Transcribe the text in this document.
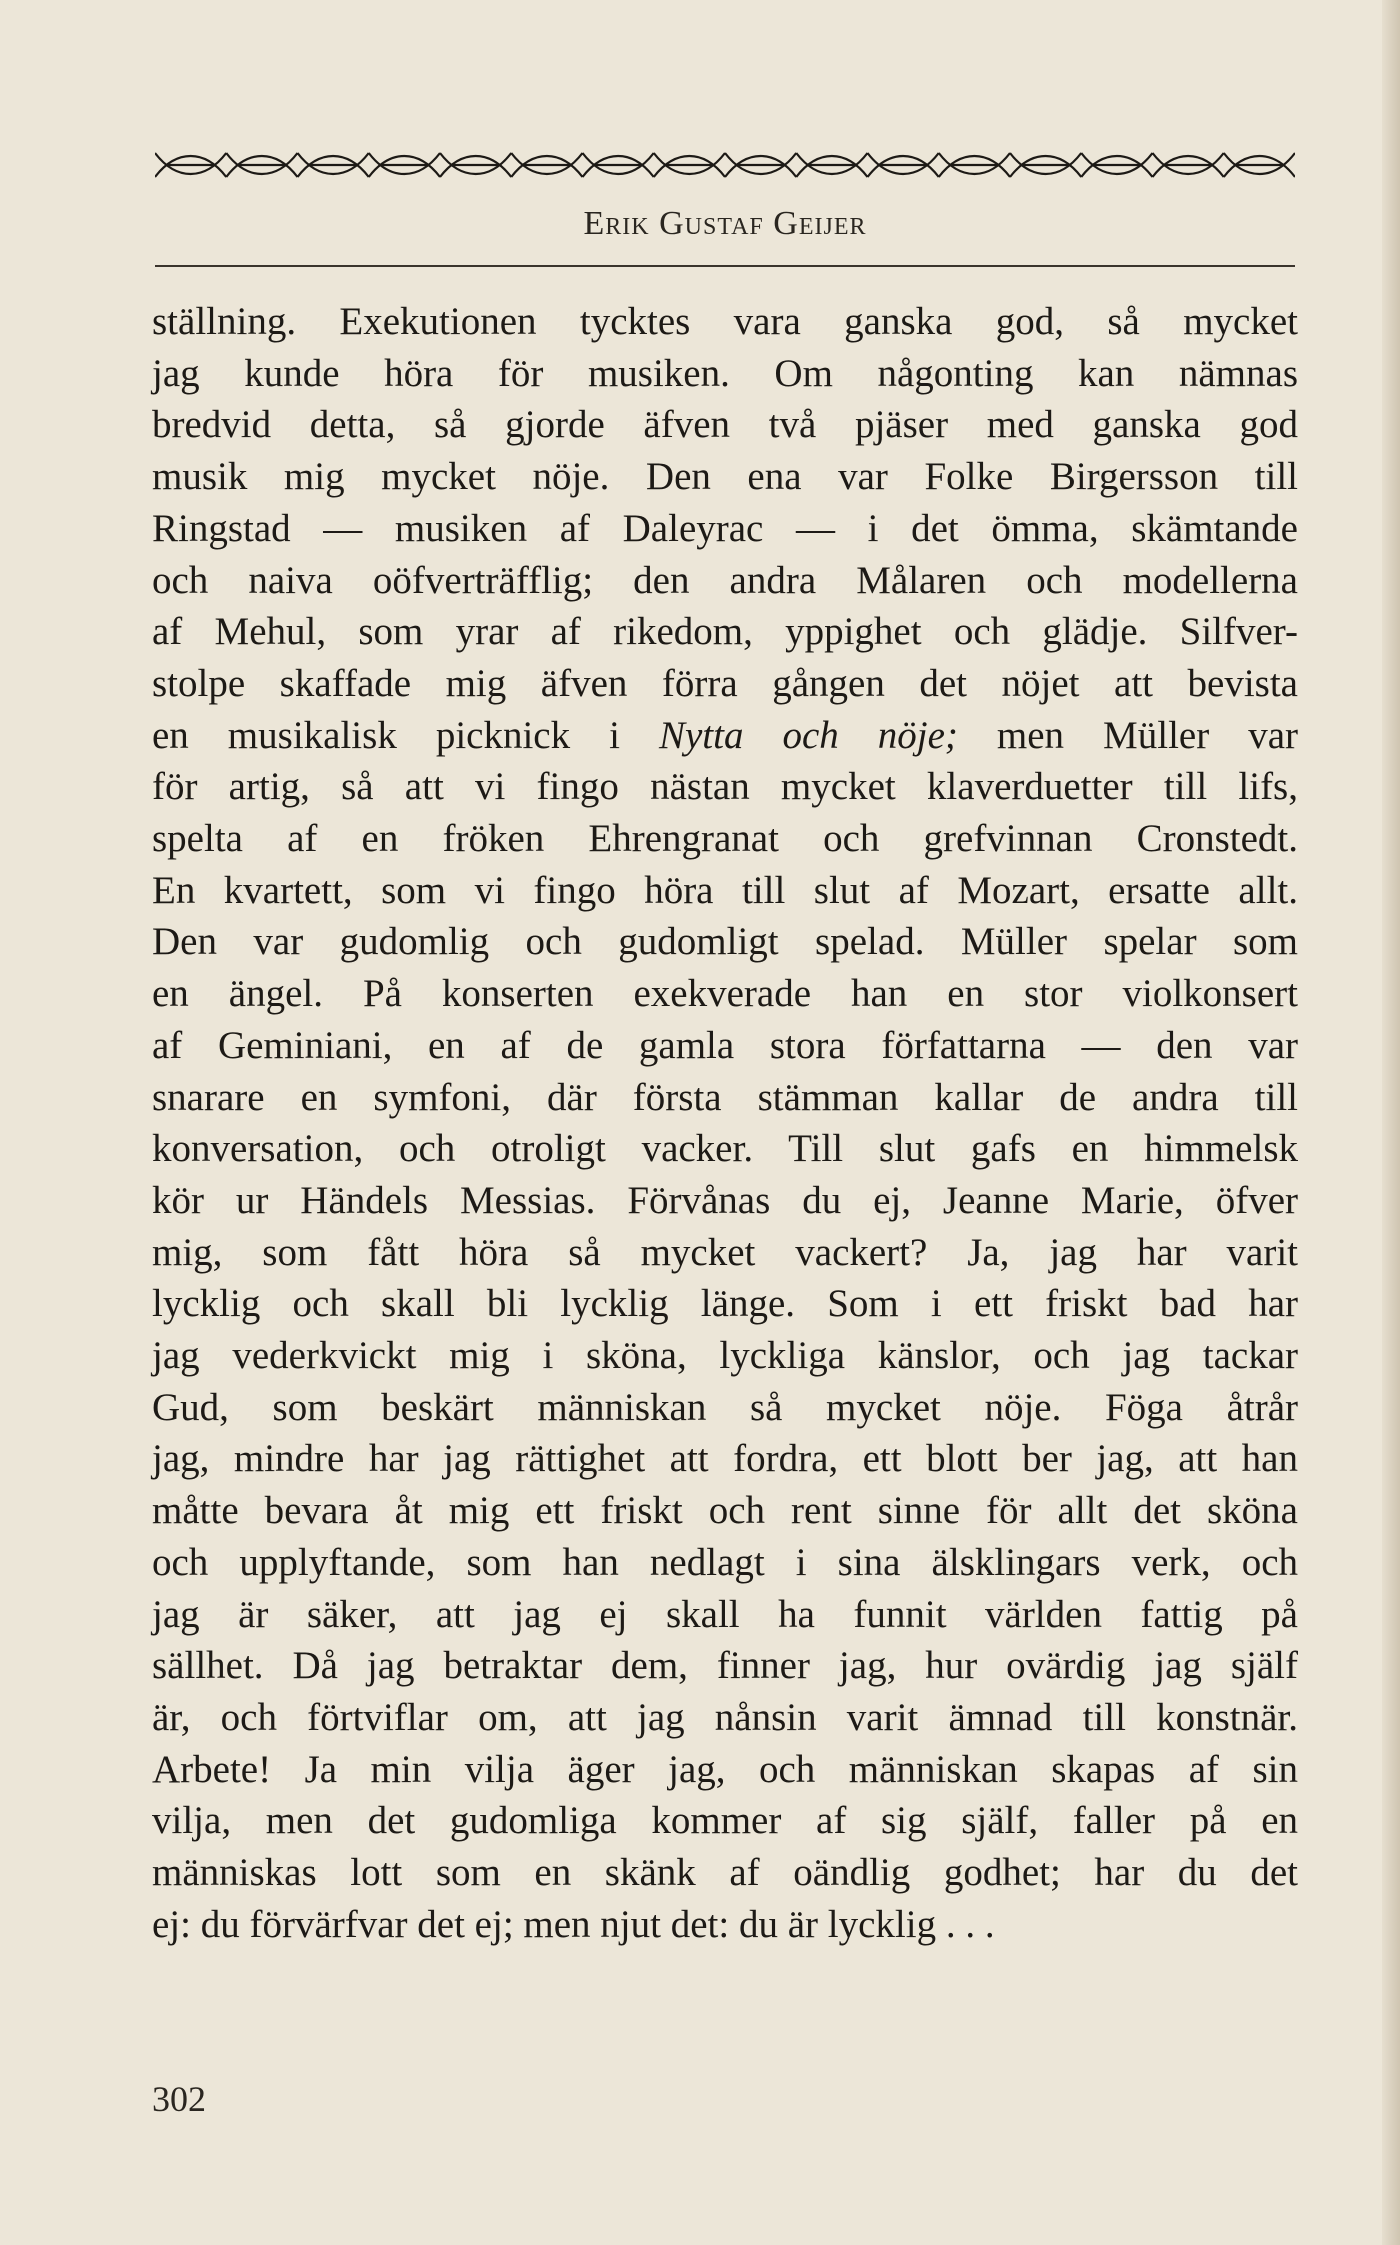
Erik Gustaf Geijer
ställning. Exekutionen tycktes vara ganska god, så mycket
jag kunde höra för musiken. Om någonting kan nämnas
bredvid detta, så gjorde äfven två pjäser med ganska god
musik mig mycket nöje. Den ena var Folke Birgersson till
Ringstad — musiken af Daleyrac — i det ömma, skämtande
och naiva oöfverträfflig; den andra Målaren och modellerna
af Mehul, som yrar af rikedom, yppighet och glädje. Silfver-
stolpe skaffade mig äfven förra gången det nöjet att bevista
en musikalisk picknick i Nytta och nöje; men Müller var
för artig, så att vi fingo nästan mycket klaverduetter till lifs,
spelta af en fröken Ehrengranat och grefvinnan Cronstedt.
En kvartett, som vi fingo höra till slut af Mozart, ersatte allt.
Den var gudomlig och gudomligt spelad. Müller spelar som
en ängel. På konserten exekverade han en stor violkonsert
af Geminiani, en af de gamla stora författarna — den var
snarare en symfoni, där första stämman kallar de andra till
konversation, och otroligt vacker. Till slut gafs en himmelsk
kör ur Händels Messias. Förvånas du ej, Jeanne Marie, öfver
mig, som fått höra så mycket vackert? Ja, jag har varit
lycklig och skall bli lycklig länge. Som i ett friskt bad har
jag vederkvickt mig i sköna, lyckliga känslor, och jag tackar
Gud, som beskärt människan så mycket nöje. Föga åtrår
jag, mindre har jag rättighet att fordra, ett blott ber jag, att han
måtte bevara åt mig ett friskt och rent sinne för allt det sköna
och upplyftande, som han nedlagt i sina älsklingars verk, och
jag är säker, att jag ej skall ha funnit världen fattig på
sällhet. Då jag betraktar dem, finner jag, hur ovärdig jag själf
är, och förtviflar om, att jag nånsin varit ämnad till konstnär.
Arbete! Ja min vilja äger jag, och människan skapas af sin
vilja, men det gudomliga kommer af sig själf, faller på en
människas lott som en skänk af oändlig godhet; har du det
ej: du förvärfvar det ej; men njut det: du är lycklig . . .
302
